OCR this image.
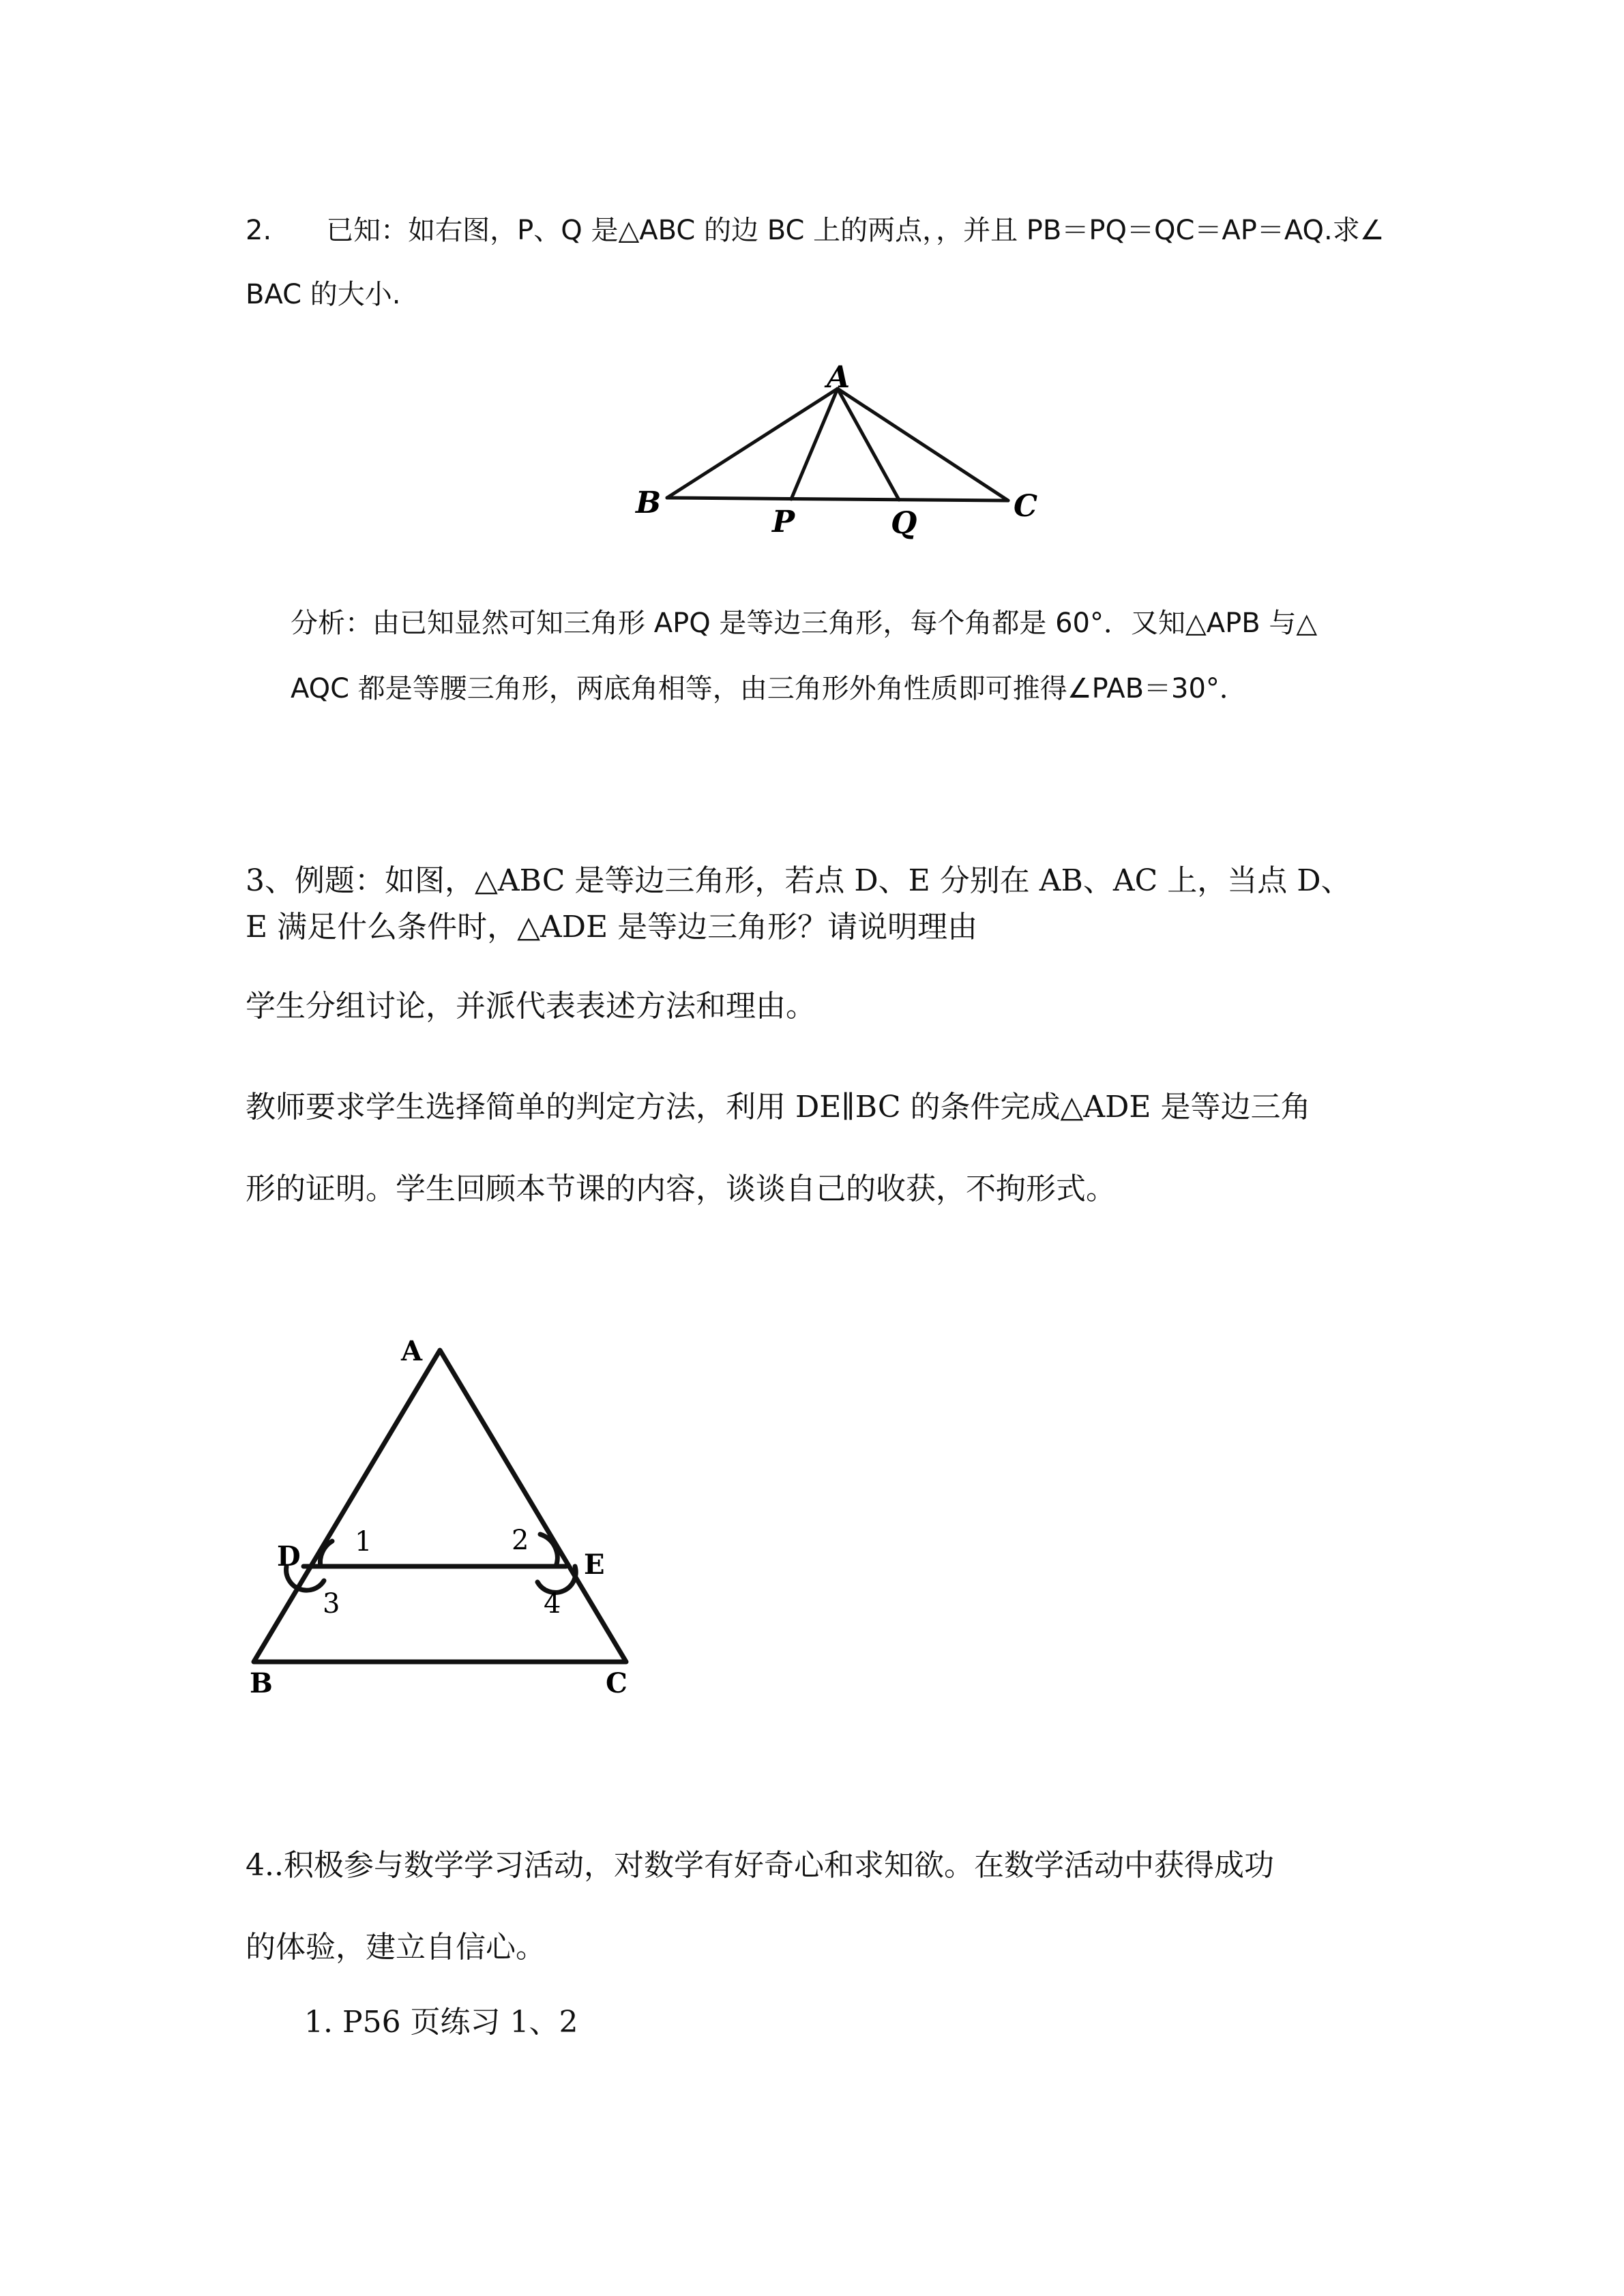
2.　　已知：如右图，P、Q 是△ABC 的边 BC 上的两点，，并且 PB＝PQ＝QC＝AP＝AQ.求∠
BAC 的大小.
A
B	C
P	Q
分析：由已知显然可知三角形 APQ 是等边三角形，每个角都是 60°．又知△APB 与△
AQC 都是等腰三角形，两底角相等，由三角形外角性质即可推得∠PAB＝30°．
3、例题：如图，△ABC 是等边三角形，若点 D、E 分别在 AB、AC 上，当点 D、
E 满足什么条件时，△ADE 是等边三角形？请说明理由
学生分组讨论，并派代表表述方法和理由。
教师要求学生选择简单的判定方法，利用 DE∥BC 的条件完成△ADE 是等边三角
形的证明。学生回顾本节课的内容，谈谈自己的收获，不拘形式。
A
B	C
D	E
1	2
3	4
4..积极参与数学学习活动，对数学有好奇心和求知欲。在数学活动中获得成功
的体验，建立自信心。
1. P56 页练习 1、2
